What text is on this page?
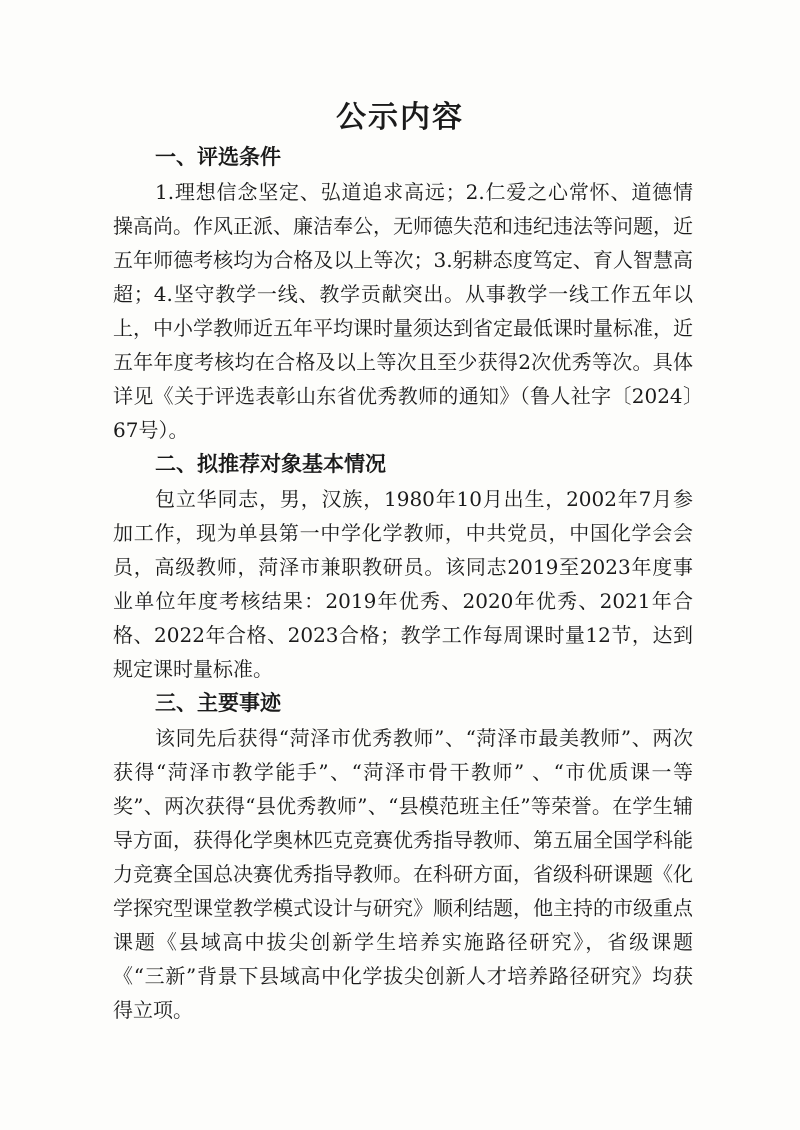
公示内容

一、评选条件

1.理想信念坚定、弘道追求高远；2.仁爱之心常怀、道德情操高尚。作风正派、廉洁奉公，无师德失范和违纪违法等问题，近五年师德考核均为合格及以上等次；3.躬耕态度笃定、育人智慧高超；4.坚守教学一线、教学贡献突出。从事教学一线工作五年以上，中小学教师近五年平均课时量须达到省定最低课时量标准，近五年年度考核均在合格及以上等次且至少获得2次优秀等次。具体详见《关于评选表彰山东省优秀教师的通知》（鲁人社字〔2024〕67号）。

二、拟推荐对象基本情况

包立华同志，男，汉族，1980年10月出生，2002年7月参加工作，现为单县第一中学化学教师，中共党员，中国化学会会员，高级教师，菏泽市兼职教研员。该同志2019至2023年度事业单位年度考核结果：2019年优秀、2020年优秀、2021年合格、2022年合格、2023合格；教学工作每周课时量12节，达到规定课时量标准。

三、主要事迹

该同先后获得“菏泽市优秀教师”、“菏泽市最美教师”、两次获得“菏泽市教学能手”、“菏泽市骨干教师” 、“市优质课一等奖”、两次获得“县优秀教师”、“县模范班主任”等荣誉。在学生辅导方面，获得化学奥林匹克竞赛优秀指导教师、第五届全国学科能力竞赛全国总决赛优秀指导教师。在科研方面，省级科研课题《化学探究型课堂教学模式设计与研究》顺利结题，他主持的市级重点课题《县域高中拔尖创新学生培养实施路径研究》，省级课题《“三新”背景下县域高中化学拔尖创新人才培养路径研究》均获得立项。
